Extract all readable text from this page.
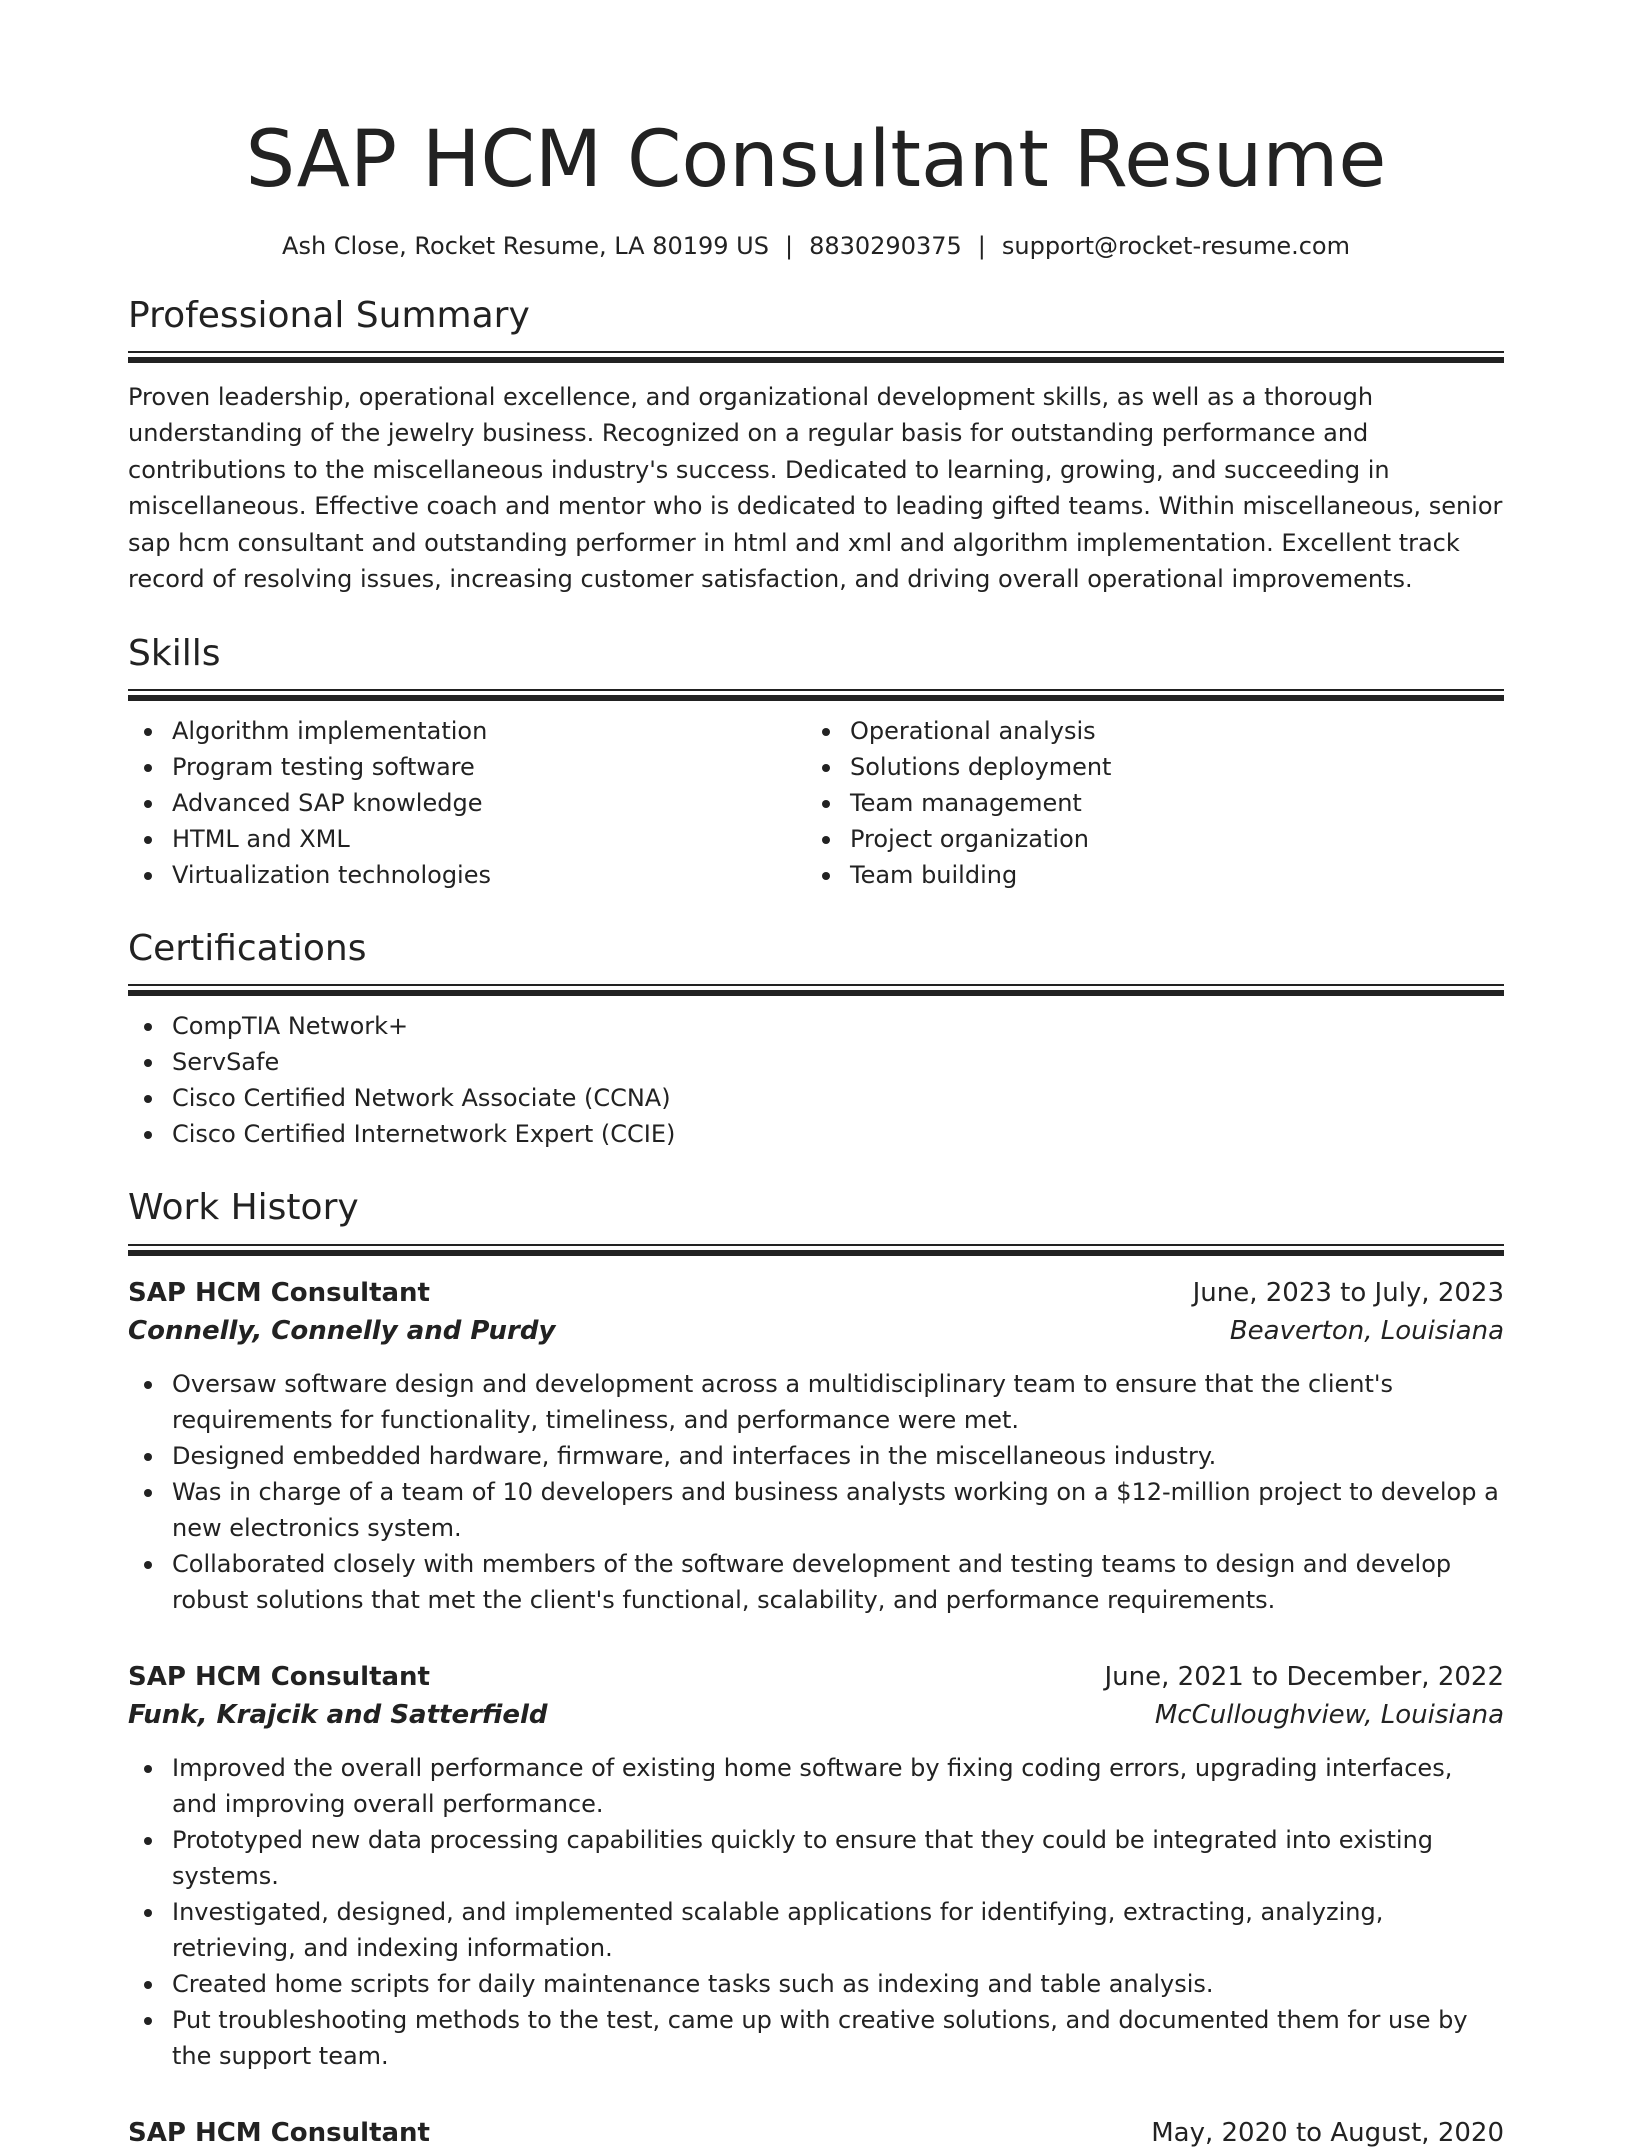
SAP HCM Consultant Resume
Ash Close, Rocket Resume, LA 80199 US | 8830290375 | support@rocket-resume.com
Professional Summary
Proven leadership, operational excellence, and organizational development skills, as well as a thorough understanding of the jewelry business. Recognized on a regular basis for outstanding performance and contributions to the miscellaneous industry's success. Dedicated to learning, growing, and succeeding in miscellaneous. Effective coach and mentor who is dedicated to leading gifted teams. Within miscellaneous, senior sap hcm consultant and outstanding performer in html and xml and algorithm implementation. Excellent track record of resolving issues, increasing customer satisfaction, and driving overall operational improvements.
Skills
Algorithm implementation
Program testing software
Advanced SAP knowledge
HTML and XML
Virtualization technologies
Operational analysis
Solutions deployment
Team management
Project organization
Team building
Certifications
CompTIA Network+
ServSafe
Cisco Certified Network Associate (CCNA)
Cisco Certified Internetwork Expert (CCIE)
Work History
SAP HCM Consultant	June, 2023 to July, 2023
Connelly, Connelly and Purdy	Beaverton, Louisiana
Oversaw software design and development across a multidisciplinary team to ensure that the client's requirements for functionality, timeliness, and performance were met.
Designed embedded hardware, firmware, and interfaces in the miscellaneous industry.
Was in charge of a team of 10 developers and business analysts working on a $12-million project to develop a new electronics system.
Collaborated closely with members of the software development and testing teams to design and develop robust solutions that met the client's functional, scalability, and performance requirements.
SAP HCM Consultant	June, 2021 to December, 2022
Funk, Krajcik and Satterfield	McCulloughview, Louisiana
Improved the overall performance of existing home software by fixing coding errors, upgrading interfaces, and improving overall performance.
Prototyped new data processing capabilities quickly to ensure that they could be integrated into existing systems.
Investigated, designed, and implemented scalable applications for identifying, extracting, analyzing, retrieving, and indexing information.
Created home scripts for daily maintenance tasks such as indexing and table analysis.
Put troubleshooting methods to the test, came up with creative solutions, and documented them for use by the support team.
SAP HCM Consultant	May, 2020 to August, 2020
